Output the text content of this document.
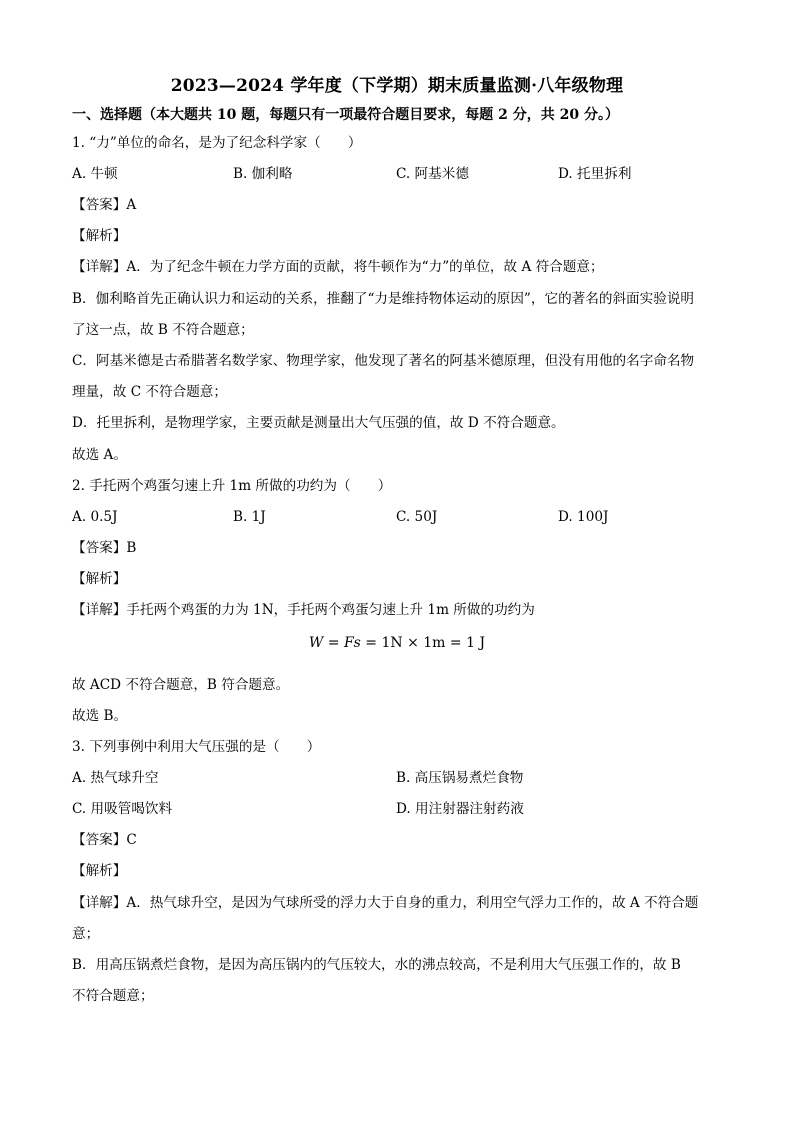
2023—2024 学年度（下学期）期末质量监测·八年级物理
一、选择题（本大题共 10 题，每题只有一项最符合题目要求，每题 2 分，共 20 分。）
1. “力”单位的命名，是为了纪念科学家（　　）
A. 牛顿	B. 伽利略	C. 阿基米德	D. 托里拆利
【答案】A
【解析】
【详解】A．为了纪念牛顿在力学方面的贡献，将牛顿作为“力”的单位，故 A 符合题意；
B．伽利略首先正确认识力和运动的关系，推翻了“力是维持物体运动的原因”，它的著名的斜面实验说明
了这一点，故 B 不符合题意；
C．阿基米德是古希腊著名数学家、物理学家，他发现了著名的阿基米德原理，但没有用他的名字命名物
理量，故 C 不符合题意；
D．托里拆利，是物理学家，主要贡献是测量出大气压强的值，故 D 不符合题意。
故选 A。
2. 手托两个鸡蛋匀速上升 1m 所做的功约为（　　）
A. 0.5J	B. 1J	C. 50J	D. 100J
【答案】B
【解析】
【详解】手托两个鸡蛋的力为 1N，手托两个鸡蛋匀速上升 1m 所做的功约为
W = Fs = 1N × 1m = 1 J
故 ACD 不符合题意，B 符合题意。
故选 B。
3. 下列事例中利用大气压强的是（　　）
A. 热气球升空	B. 高压锅易煮烂食物
C. 用吸管喝饮料	D. 用注射器注射药液
【答案】C
【解析】
【详解】A．热气球升空，是因为气球所受的浮力大于自身的重力，利用空气浮力工作的，故 A 不符合题
意；
B．用高压锅煮烂食物，是因为高压锅内的气压较大，水的沸点较高，不是利用大气压强工作的，故 B
不符合题意；
